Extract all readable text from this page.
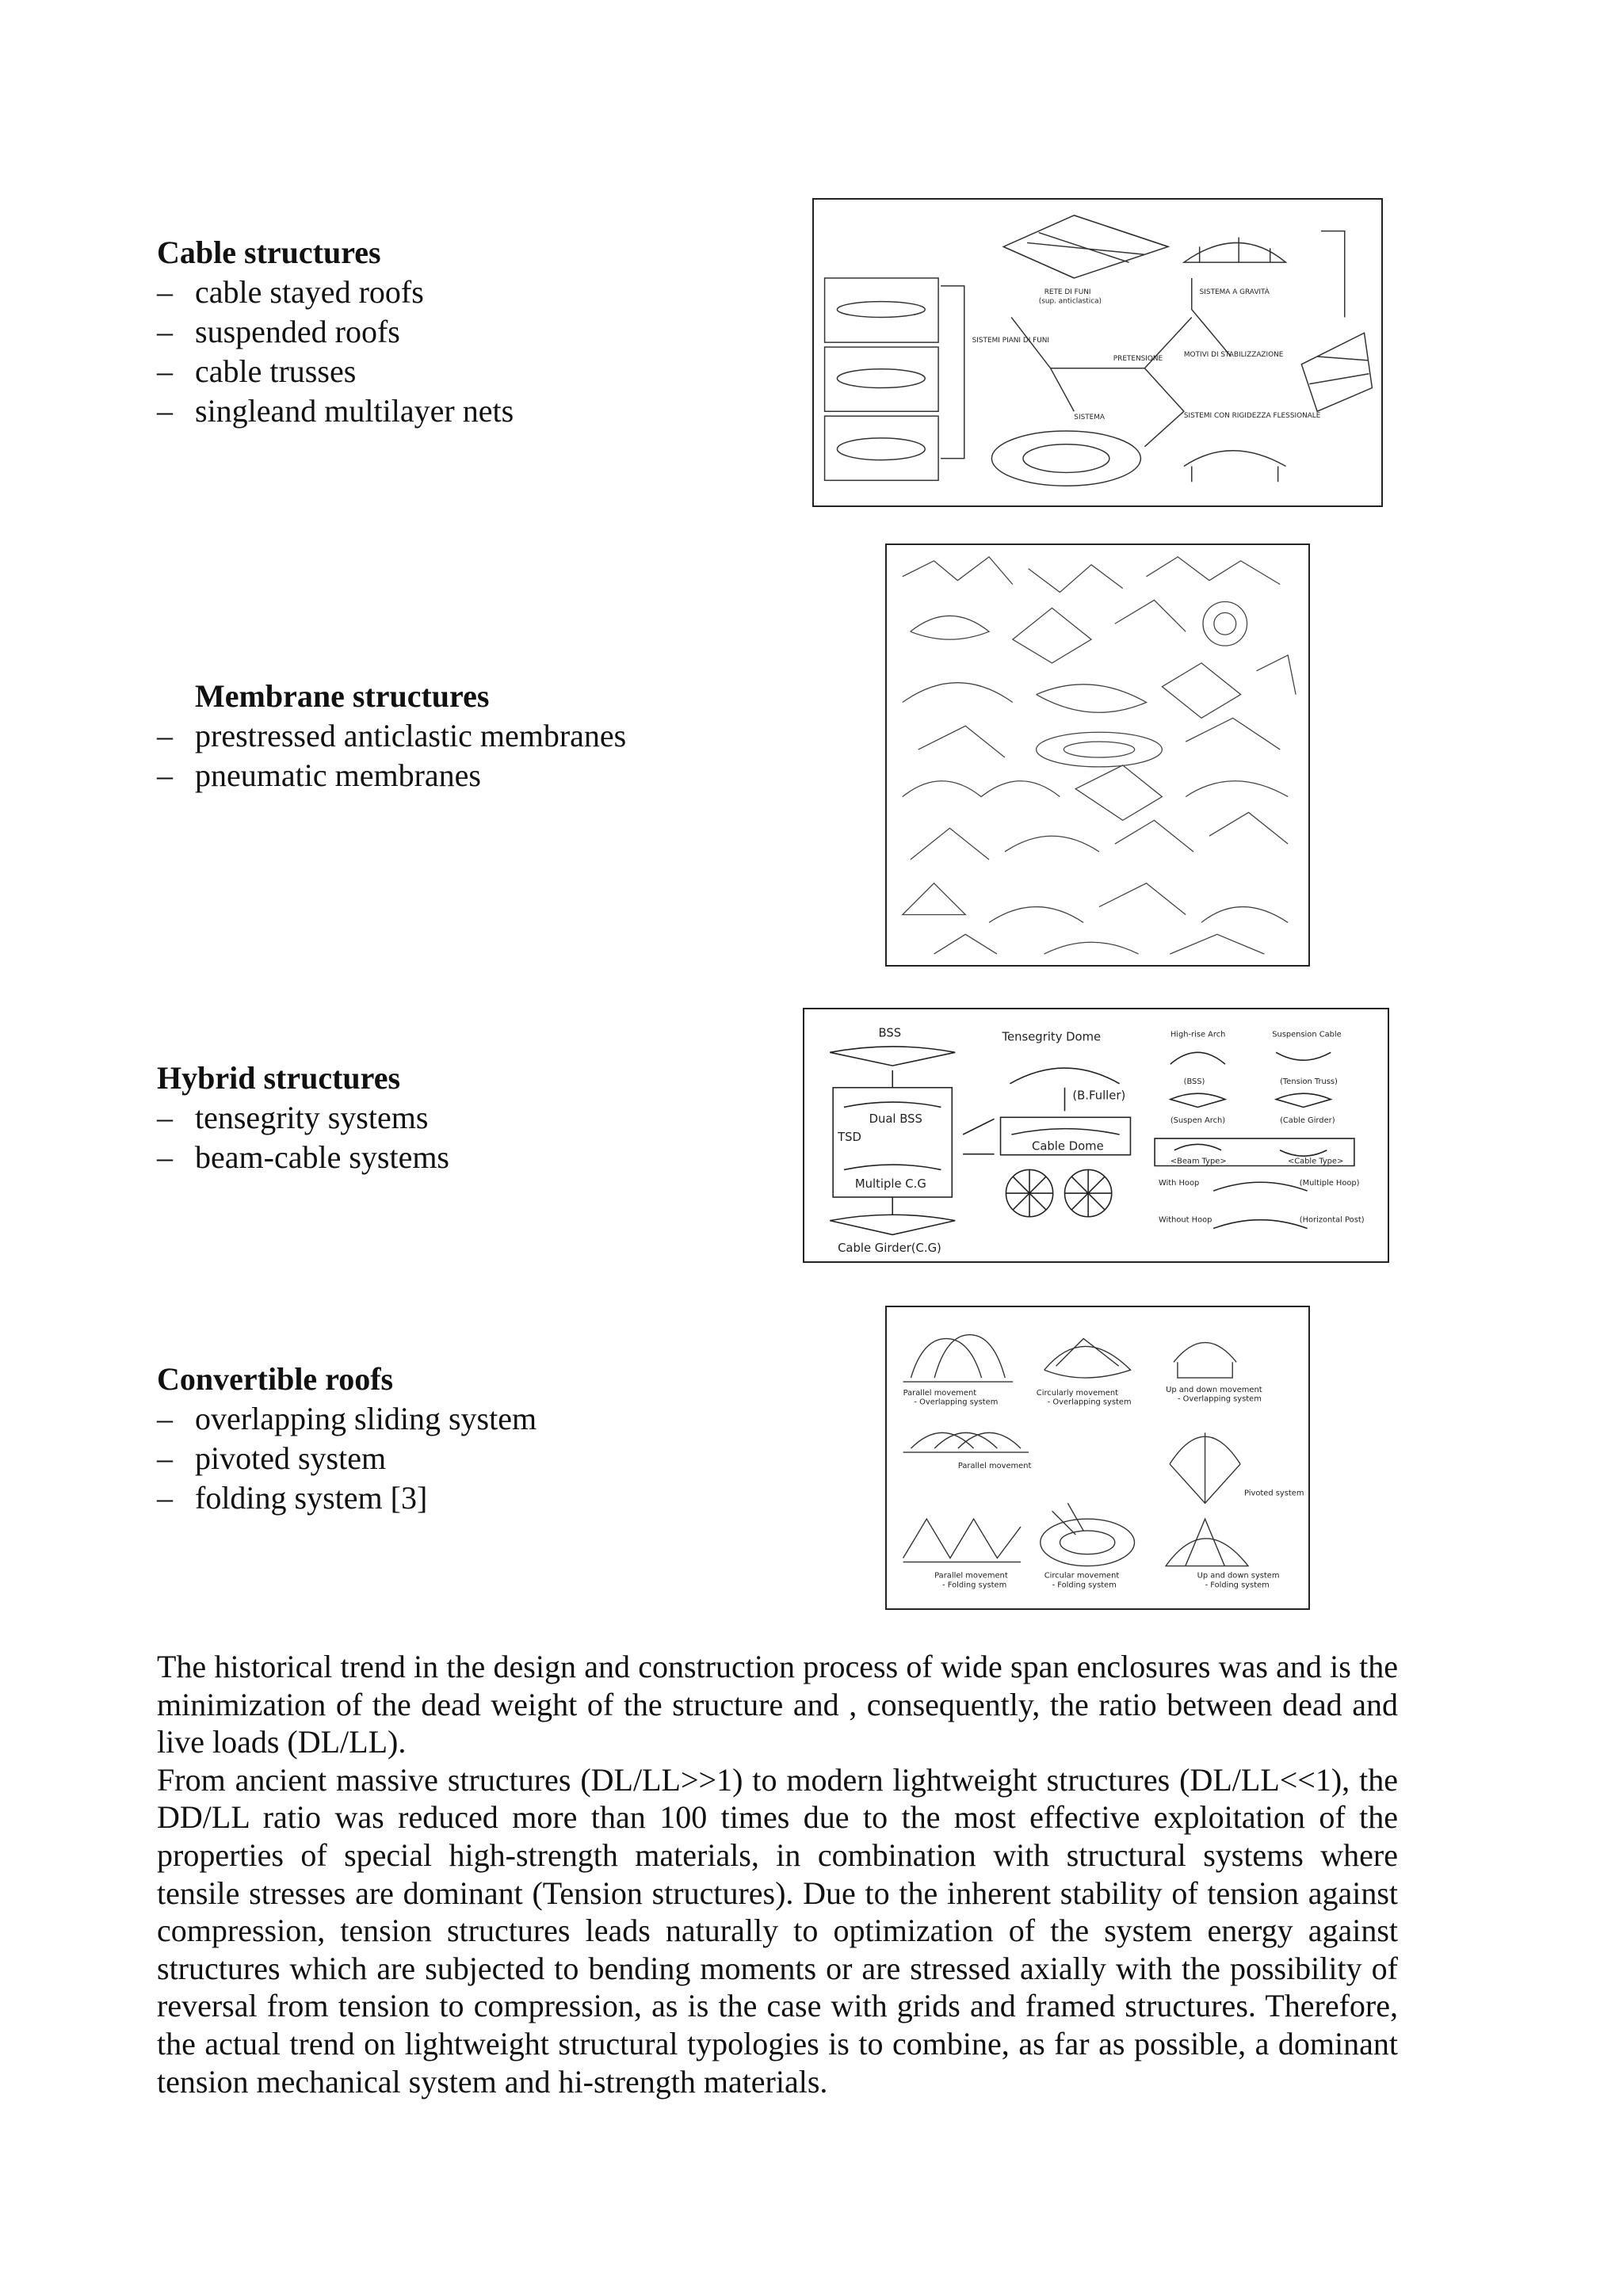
Cable structures
– cable stayed roofs
– suspended roofs
– cable trusses
– singleand multilayer nets
RETE DI FUNI
(sup. anticlastica)
SISTEMA A GRAVITÀ
SISTEMI PIANI DI FUNI
PRETENSIONE	MOTIVI DI STABILIZZAZIONE
SISTEMA	SISTEMI CON RIGIDEZZA FLESSIONALE
Membrane structures
– prestressed anticlastic membranes
– pneumatic membranes
Hybrid structures
– tensegrity systems
– beam-cable systems
BSS
Dual BSS
TSD
Multiple C.G
Cable Girder(C.G)
Tensegrity Dome
(B.Fuller)
Cable Dome
High-rise Arch	Suspension Cable
(BSS)	(Tension Truss)
(Suspen Arch)	(Cable Girder)
<Beam Type>	<Cable Type>
With Hoop	(Multiple Hoop)
Without Hoop	(Horizontal Post)
Convertible roofs
– overlapping sliding system
– pivoted system
– folding system [3]
Parallel movement
- Overlapping system
Circularly movement
- Overlapping system
Up and down movement
- Overlapping system
Parallel movement
Pivoted system
Parallel movement
- Folding system
Circular movement
- Folding system
Up and down system
- Folding system

The historical trend in the design and construction process of wide span enclosures was and is the minimization of the dead weight of the structure and , consequently, the ratio between dead and live loads (DL/LL).

From ancient massive structures (DL/LL>>1) to modern lightweight structures (DL/LL<<1), the DD/LL ratio was reduced more than 100 times due to the most effective exploitation of the properties of special high-strength materials, in combination with structural systems where tensile stresses are dominant (Tension structures). Due to the inherent stability of tension against compression, tension structures leads naturally to optimization of the system energy against structures which are subjected to bending moments or are stressed axially with the possibility of reversal from tension to compression, as is the case with grids and framed structures. Therefore, the actual trend on lightweight structural typologies is to combine, as far as possible, a dominant tension mechanical system and hi-strength materials.
